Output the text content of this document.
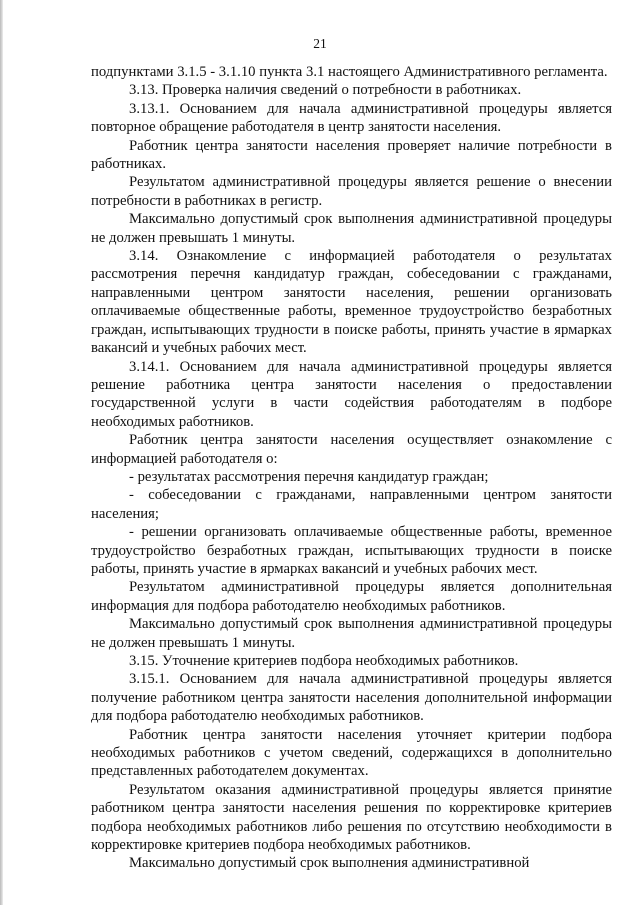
21

подпунктами 3.1.5 - 3.1.10 пункта 3.1 настоящего Административного регламента.

3.13. Проверка наличия сведений о потребности в работниках.

3.13.1. Основанием для начала административной процедуры является повторное обращение работодателя в центр занятости населения.

Работник центра занятости населения проверяет наличие потребности в работниках.

Результатом административной процедуры является решение о внесении потребности в работниках в регистр.

Максимально допустимый срок выполнения административной процедуры не должен превышать 1 минуты.

3.14. Ознакомление с информацией работодателя о результатах рассмотрения перечня кандидатур граждан, собеседовании с гражданами, направленными центром занятости населения, решении организовать оплачиваемые общественные работы, временное трудоустройство безработных граждан, испытывающих трудности в поиске работы, принять участие в ярмарках вакансий и учебных рабочих мест.

3.14.1. Основанием для начала административной процедуры является решение работника центра занятости населения о предоставлении государственной услуги в части содействия работодателям в подборе необходимых работников.

Работник центра занятости населения осуществляет ознакомление с информацией работодателя о:

- результатах рассмотрения перечня кандидатур граждан;

- собеседовании с гражданами, направленными центром занятости населения;

- решении организовать оплачиваемые общественные работы, временное трудоустройство безработных граждан, испытывающих трудности в поиске работы, принять участие в ярмарках вакансий и учебных рабочих мест.

Результатом административной процедуры является дополнительная информация для подбора работодателю необходимых работников.

Максимально допустимый срок выполнения административной процедуры не должен превышать 1 минуты.

3.15. Уточнение критериев подбора необходимых работников.

3.15.1. Основанием для начала административной процедуры является получение работником центра занятости населения дополнительной информации для подбора работодателю необходимых работников.

Работник центра занятости населения уточняет критерии подбора необходимых работников с учетом сведений, содержащихся в дополнительно представленных работодателем документах.

Результатом оказания административной процедуры является принятие работником центра занятости населения решения по корректировке критериев подбора необходимых работников либо решения по отсутствию необходимости в корректировке критериев подбора необходимых работников.

Максимально допустимый срок выполнения административной
